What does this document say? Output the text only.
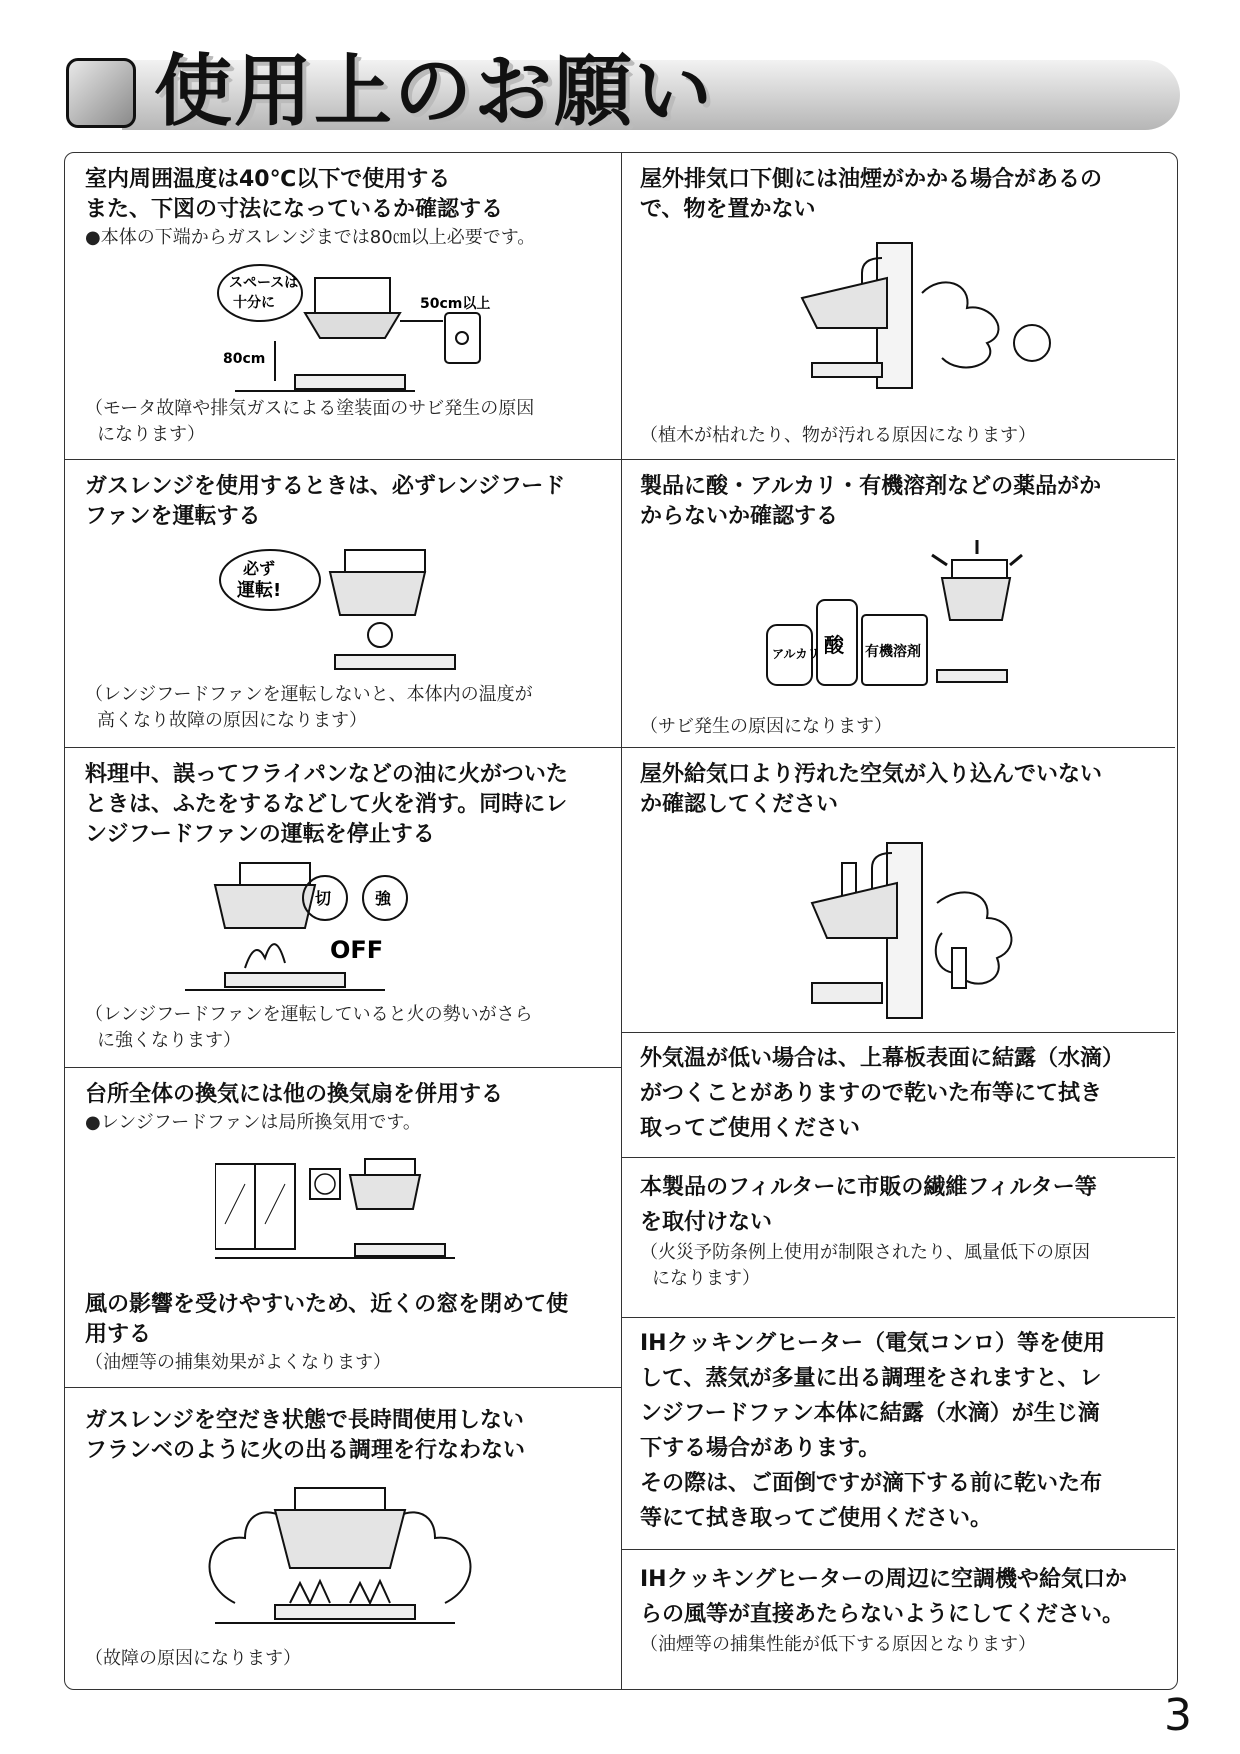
使用上のお願い

室内周囲温度は40℃以下で使用する

また、下図の寸法になっているか確認する

●本体の下端からガスレンジまでは80㎝以上必要です。

スペースは
十分に	50cm以上
80cm

（モータ故障や排気ガスによる塗装面のサビ発生の原因

になります）

ガスレンジを使用するときは、必ずレンジフード

ファンを運転する

必ず
運転!

（レンジフードファンを運転しないと、本体内の温度が

高くなり故障の原因になります）

料理中、誤ってフライパンなどの油に火がついた

ときは、ふたをするなどして火を消す。同時にレ

ンジフードファンの運転を停止する

切	強
OFF

（レンジフードファンを運転していると火の勢いがさら

に強くなります）

台所全体の換気には他の換気扇を併用する

●レンジフードファンは局所換気用です。

風の影響を受けやすいため、近くの窓を閉めて使

用する

（油煙等の捕集効果がよくなります）

ガスレンジを空だき状態で長時間使用しない

フランベのように火の出る調理を行なわない

（故障の原因になります）

屋外排気口下側には油煙がかかる場合があるの

で、物を置かない

（植木が枯れたり、物が汚れる原因になります）

製品に酸・アルカリ・有機溶剤などの薬品がか

からないか確認する

アルカリ 酸 有機溶剤

（サビ発生の原因になります）

屋外給気口より汚れた空気が入り込んでいない

か確認してください

外気温が低い場合は、上幕板表面に結露（水滴）

がつくことがありますので乾いた布等にて拭き

取ってご使用ください

本製品のフィルターに市販の繊維フィルター等

を取付けない

（火災予防条例上使用が制限されたり、風量低下の原因

になります）

IHクッキングヒーター（電気コンロ）等を使用

して、蒸気が多量に出る調理をされますと、レ

ンジフードファン本体に結露（水滴）が生じ滴

下する場合があります。

その際は、ご面倒ですが滴下する前に乾いた布

等にて拭き取ってご使用ください。

IHクッキングヒーターの周辺に空調機や給気口か

らの風等が直接あたらないようにしてください。

（油煙等の捕集性能が低下する原因となります）

3
